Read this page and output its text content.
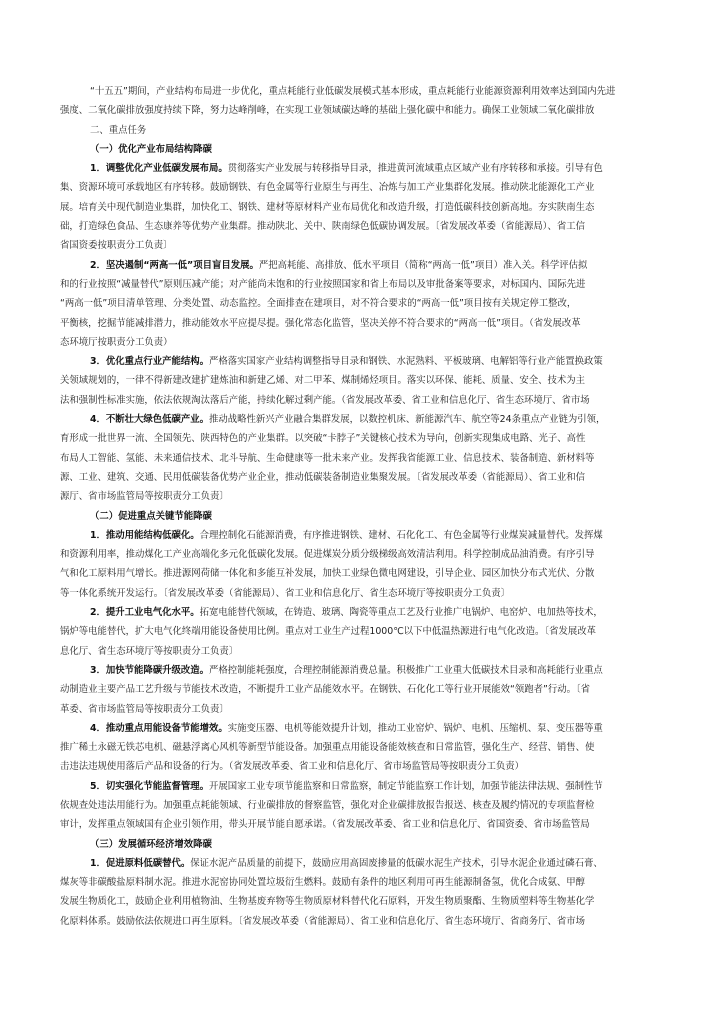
“十五五”期间，产业结构布局进一步优化，重点耗能行业低碳发展模式基本形成，重点耗能行业能源资源利用效率达到国内先进
强度、二氧化碳排放强度持续下降，努力达峰削峰，在实现工业领域碳达峰的基础上强化碳中和能力。确保工业领域二氧化碳排放
二、重点任务
（一）优化产业布局结构降碳
1．调整优化产业低碳发展布局。贯彻落实产业发展与转移指导目录，推进黄河流域重点区域产业有序转移和承接。引导有色
集、资源环境可承载地区有序转移。鼓励钢铁、有色金属等行业原生与再生、冶炼与加工产业集群化发展。推动陕北能源化工产业
展。培育关中现代制造业集群，加快化工、钢铁、建材等原材料产业布局优化和改造升级，打造低碳科技创新高地。夯实陕南生态
础，打造绿色食品、生态康养等优势产业集群。推动陕北、关中、陕南绿色低碳协调发展。〔省发展改革委（省能源局）、省工信
省国资委按职责分工负责〕
2．坚决遏制“两高一低”项目盲目发展。严把高耗能、高排放、低水平项目（简称“两高一低”项目）准入关。科学评估拟
和的行业按照“减量替代”原则压减产能；对产能尚未饱和的行业按照国家和省上布局以及审批备案等要求，对标国内、国际先进
“两高一低”项目清单管理、分类处置、动态监控。全面排查在建项目，对不符合要求的“两高一低”项目按有关规定停工整改，
平衡核，挖掘节能减排潜力，推动能效水平应提尽提。强化常态化监管，坚决关停不符合要求的“两高一低”项目。（省发展改革
态环境厅按职责分工负责）
3．优化重点行业产能结构。严格落实国家产业结构调整指导目录和钢铁、水泥熟料、平板玻璃、电解铝等行业产能置换政策
关领域规划的，一律不得新建改建扩建炼油和新建乙烯、对二甲苯、煤制烯烃项目。落实以环保、能耗、质量、安全、技术为主
法和强制性标准实施，依法依规淘汰落后产能，持续化解过剩产能。（省发展改革委、省工业和信息化厅、省生态环境厅、省市场
4．不断壮大绿色低碳产业。推动战略性新兴产业融合集群发展，以数控机床、新能源汽车、航空等24条重点产业链为引领，
育形成一批世界一流、全国领先、陕西特色的产业集群。以突破“卡脖子”关键核心技术为导向，创新实现集成电路、光子、高性
布局人工智能、氢能、未来通信技术、北斗导航、生命健康等一批未来产业。发挥我省能源工业、信息技术、装备制造、新材料等
源、工业、建筑、交通、民用低碳装备优势产业企业，推动低碳装备制造业集聚发展。〔省发展改革委（省能源局）、省工业和信
源厅、省市场监管局等按职责分工负责〕
（二）促进重点关键节能降碳
1．推动用能结构低碳化。合理控制化石能源消费，有序推进钢铁、建材、石化化工、有色金属等行业煤炭减量替代。发挥煤
和资源利用率，推动煤化工产业高端化多元化低碳化发展。促进煤炭分质分级梯级高效清洁利用。科学控制成品油消费。有序引导
气和化工原料用气增长。推进源网荷储一体化和多能互补发展，加快工业绿色微电网建设，引导企业、园区加快分布式光伏、分散
等一体化系统开发运行。〔省发展改革委（省能源局）、省工业和信息化厅、省生态环境厅等按职责分工负责〕
2．提升工业电气化水平。拓宽电能替代领域，在铸造、玻璃、陶瓷等重点工艺及行业推广电锅炉、电窑炉、电加热等技术，
锅炉等电能替代，扩大电气化终端用能设备使用比例。重点对工业生产过程1000℃以下中低温热源进行电气化改造。〔省发展改革
息化厅、省生态环境厅等按职责分工负责〕
3．加快节能降碳升级改造。严格控制能耗强度，合理控制能源消费总量。积极推广工业重大低碳技术目录和高耗能行业重点
动制造业主要产品工艺升级与节能技术改造，不断提升工业产品能效水平。在钢铁、石化化工等行业开展能效“领跑者”行动。〔省
革委、省市场监管局等按职责分工负责〕
4．推动重点用能设备节能增效。实施变压器、电机等能效提升计划，推动工业窑炉、锅炉、电机、压缩机、泵、变压器等重
推广稀土永磁无铁芯电机、磁悬浮离心风机等新型节能设备。加强重点用能设备能效核查和日常监管，强化生产、经营、销售、使
击违法违规使用落后产品和设备的行为。（省发展改革委、省工业和信息化厅、省市场监管局等按职责分工负责）
5．切实强化节能监督管理。开展国家工业专项节能监察和日常监察，制定节能监察工作计划，加强节能法律法规、强制性节
依规查处违法用能行为。加强重点耗能领域、行业碳排放的督察监管，强化对企业碳排放报告报送、核查及履约情况的专项监督检
审计，发挥重点领域国有企业引领作用，带头开展节能自愿承诺。（省发展改革委、省工业和信息化厅、省国资委、省市场监管局
（三）发展循环经济增效降碳
1．促进原料低碳替代。保证水泥产品质量的前提下，鼓励应用高固废掺量的低碳水泥生产技术，引导水泥企业通过磷石膏、
煤灰等非碳酸盐原料制水泥。推进水泥窑协同处置垃圾衍生燃料。鼓励有条件的地区利用可再生能源制备氢，优化合成氨、甲醇
发展生物质化工，鼓励企业利用植物油、生物基废弃物等生物质原材料替代化石原料，开发生物质聚酯、生物质塑料等生物基化学
化原料体系。鼓励依法依规进口再生原料。〔省发展改革委（省能源局）、省工业和信息化厅、省生态环境厅、省商务厅、省市场
